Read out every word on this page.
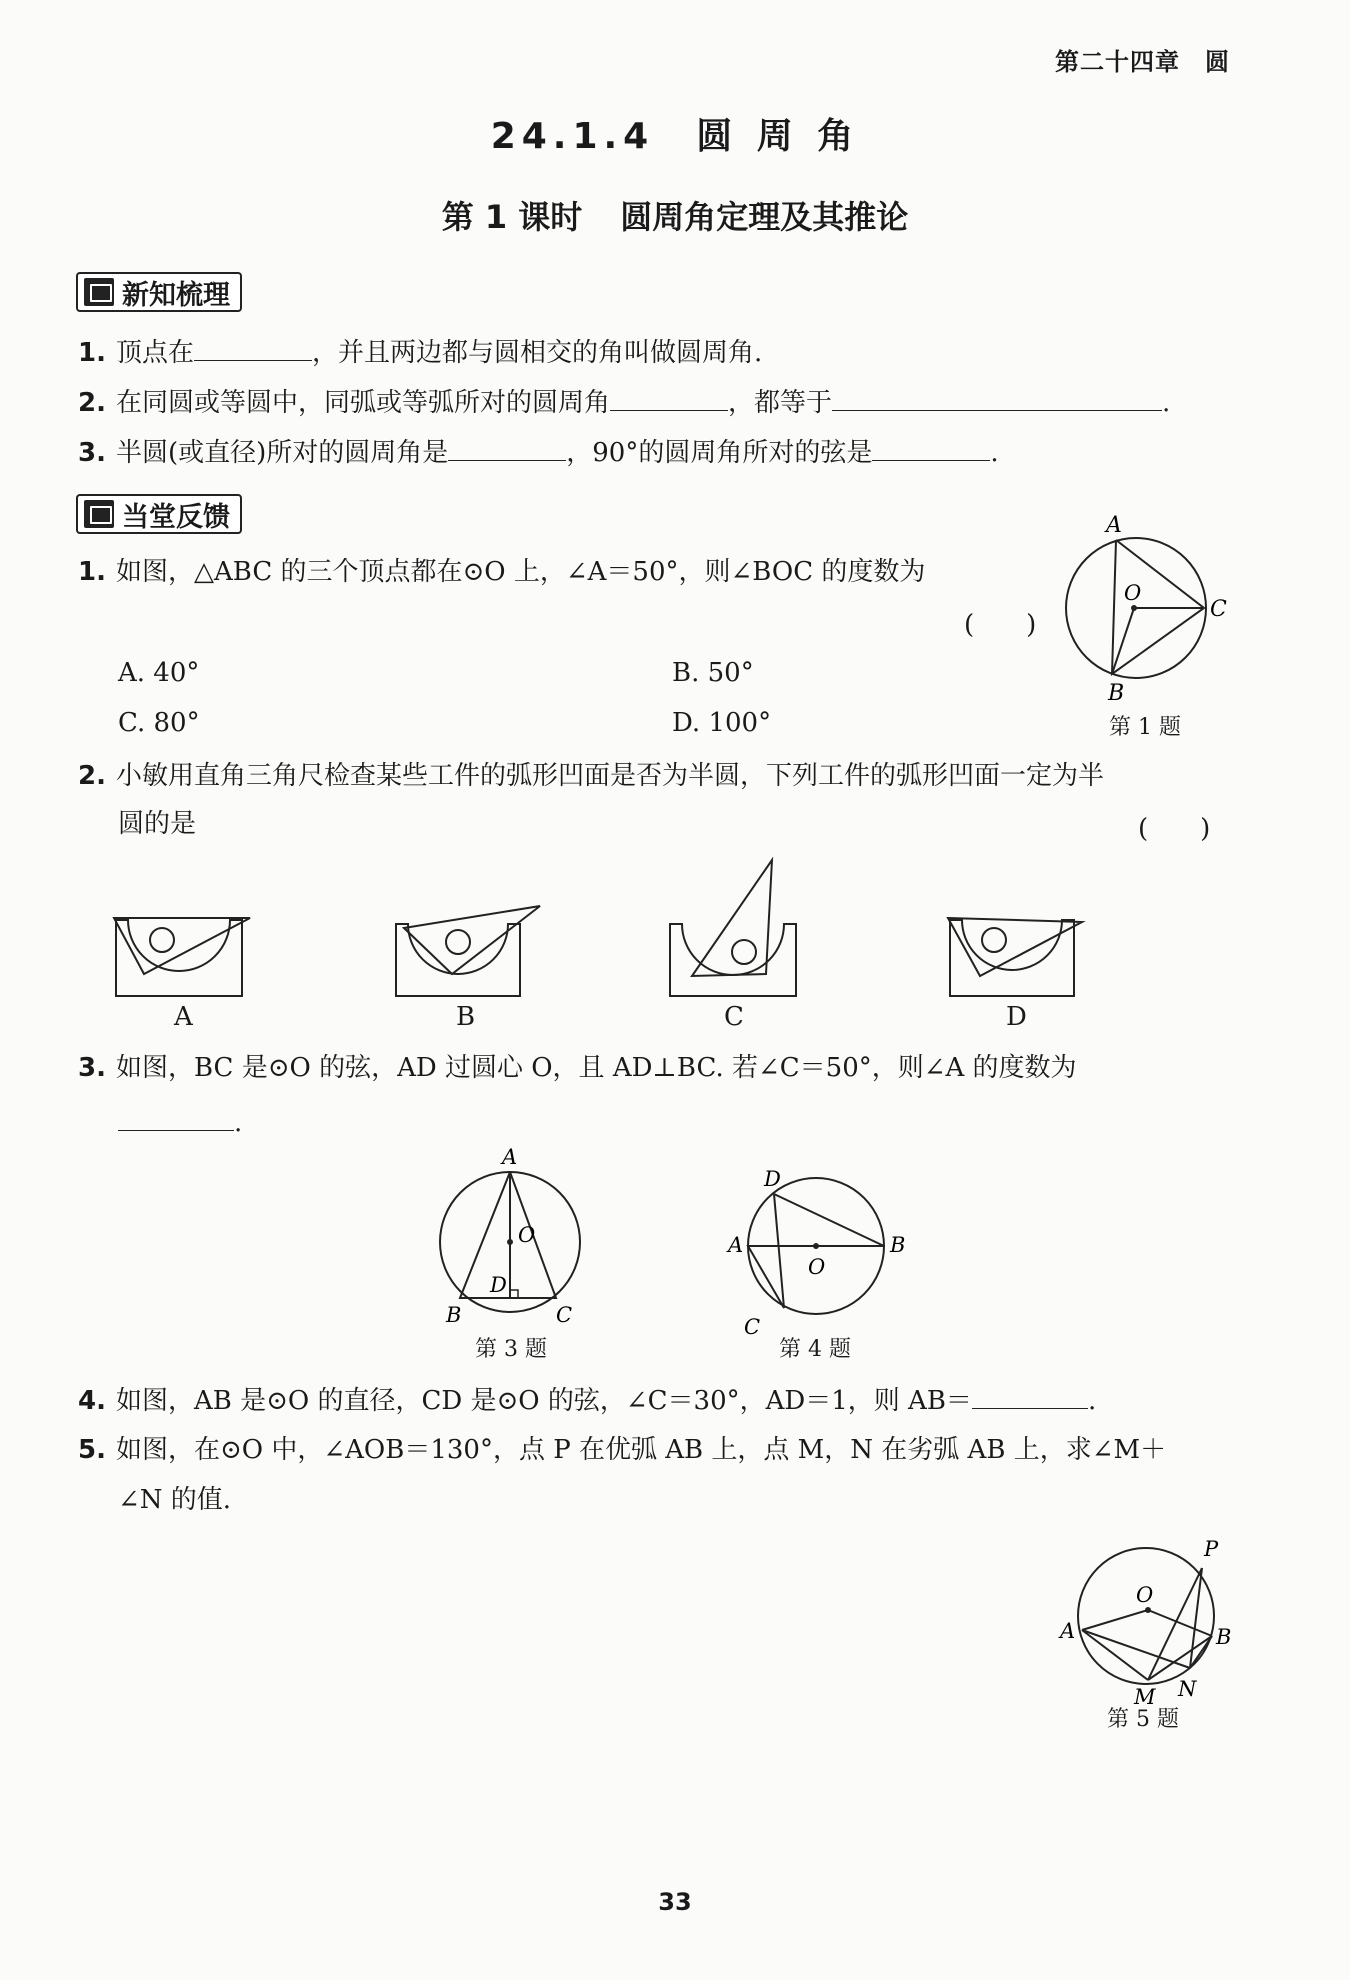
第二十四章　圆
24.1.4　圆 周 角
第 1 课时 圆周角定理及其推论
新知梳理
1. 顶点在	，并且两边都与圆相交的角叫做圆周角.
2. 在同圆或等圆中，同弧或等弧所对的圆周角	，都等于	.
3. 半圆(或直径)所对的圆周角是	，90°的圆周角所对的弦是	.
当堂反馈
1. 如图，△ABC 的三个顶点都在⊙O 上，∠A＝50°，则∠BOC 的度数为
(　　)
A. 40°	B. 50°
C. 80°	D. 100°
A
O
C
B
第 1 题
2. 小敏用直角三角尺检查某些工件的弧形凹面是否为半圆，下列工件的弧形凹面一定为半
圆的是	(　　)
A	B	C	D
3. 如图，BC 是⊙O 的弦，AD 过圆心 O，且 AD⊥BC. 若∠C＝50°，则∠A 的度数为
.
A
O
D
B	C
第 3 题
D
A
O
B
C
第 4 题
4. 如图，AB 是⊙O 的直径，CD 是⊙O 的弦，∠C＝30°，AD＝1，则 AB＝	.
5. 如图，在⊙O 中，∠AOB＝130°，点 P 在优弧 AB 上，点 M，N 在劣弧 AB 上，求∠M＋
∠N 的值.
P
O
A	B
M N
第 5 题
33
